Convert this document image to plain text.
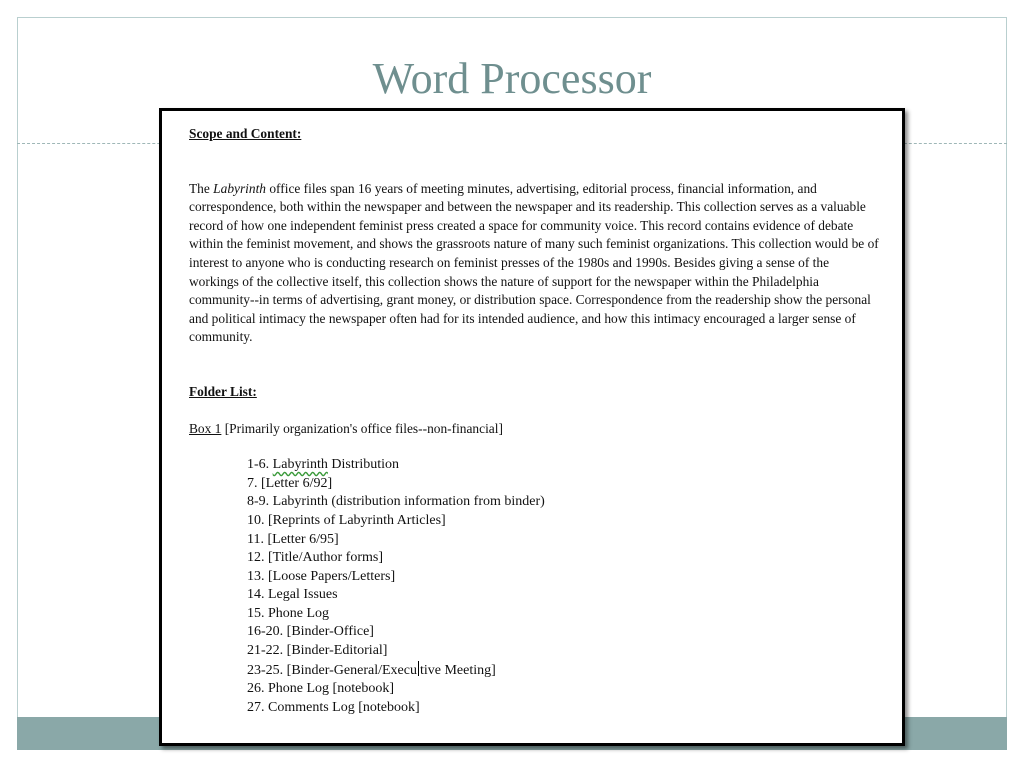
Word Processor

Scope and Content:

The Labyrinth office files span 16 years of meeting minutes, advertising, editorial process, financial information, and correspondence, both within the newspaper and between the newspaper and its readership. This collection serves as a valuable record of how one independent feminist press created a space for community voice. This record contains evidence of debate within the feminist movement, and shows the grassroots nature of many such feminist organizations. This collection would be of interest to anyone who is conducting research on feminist presses of the 1980s and 1990s. Besides giving a sense of the workings of the collective itself, this collection shows the nature of support for the newspaper within the Philadelphia community--in terms of advertising, grant money, or distribution space. Correspondence from the readership show the personal and political intimacy the newspaper often had for its intended audience, and how this intimacy encouraged a larger sense of community.

Folder List:

Box 1 [Primarily organization's office files--non-financial]

1-6. Labyrinth Distribution
7. [Letter 6/92]
8-9. Labyrinth (distribution information from binder)
10. [Reprints of Labyrinth Articles]
11. [Letter 6/95]
12. [Title/Author forms]
13. [Loose Papers/Letters]
14. Legal Issues
15. Phone Log
16-20. [Binder-Office]
21-22. [Binder-Editorial]
23-25. [Binder-General/Execu tive Meeting]
26. Phone Log [notebook]
27. Comments Log [notebook]
